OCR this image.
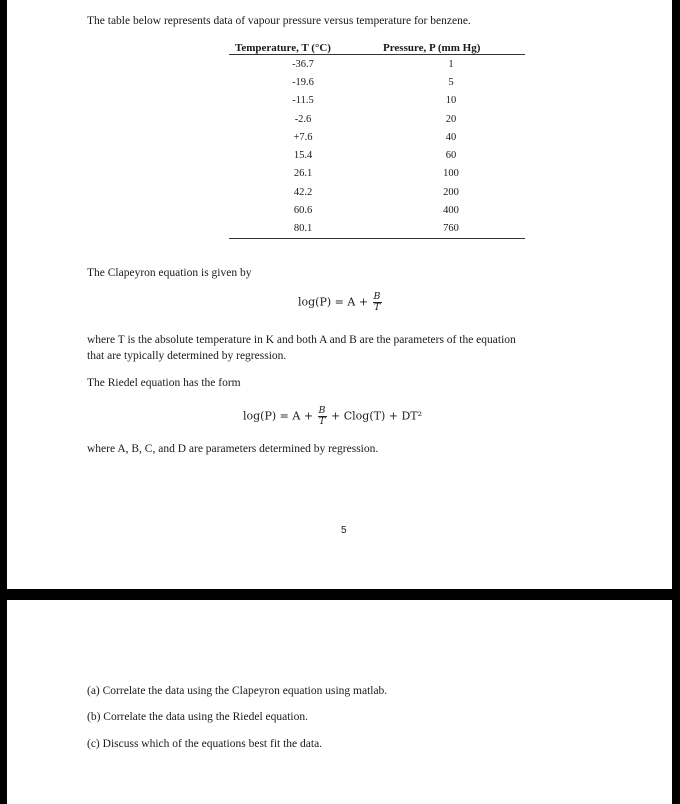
The table below represents data of vapour pressure versus temperature for benzene.
Temperature, T (°C)	Pressure, P (mm Hg)
-36.7	1
-19.6	5
-11.5	10
-2.6	20
+7.6	40
15.4	60
26.1	100
42.2	200
60.6	400
80.1	760
The Clapeyron equation is given by
$\log(P) = A + \frac{B}{T}$
where T is the absolute temperature in K and both A and B are the parameters of the equation
that are typically determined by regression.
The Riedel equation has the form
$\log(P) = A + \frac{B}{T} + Clog(T) + DT^2$
where A, B, C, and D are parameters determined by regression.
5
(a) Correlate the data using the Clapeyron equation using matlab.
(b) Correlate the data using the Riedel equation.
(c) Discuss which of the equations best fit the data.
